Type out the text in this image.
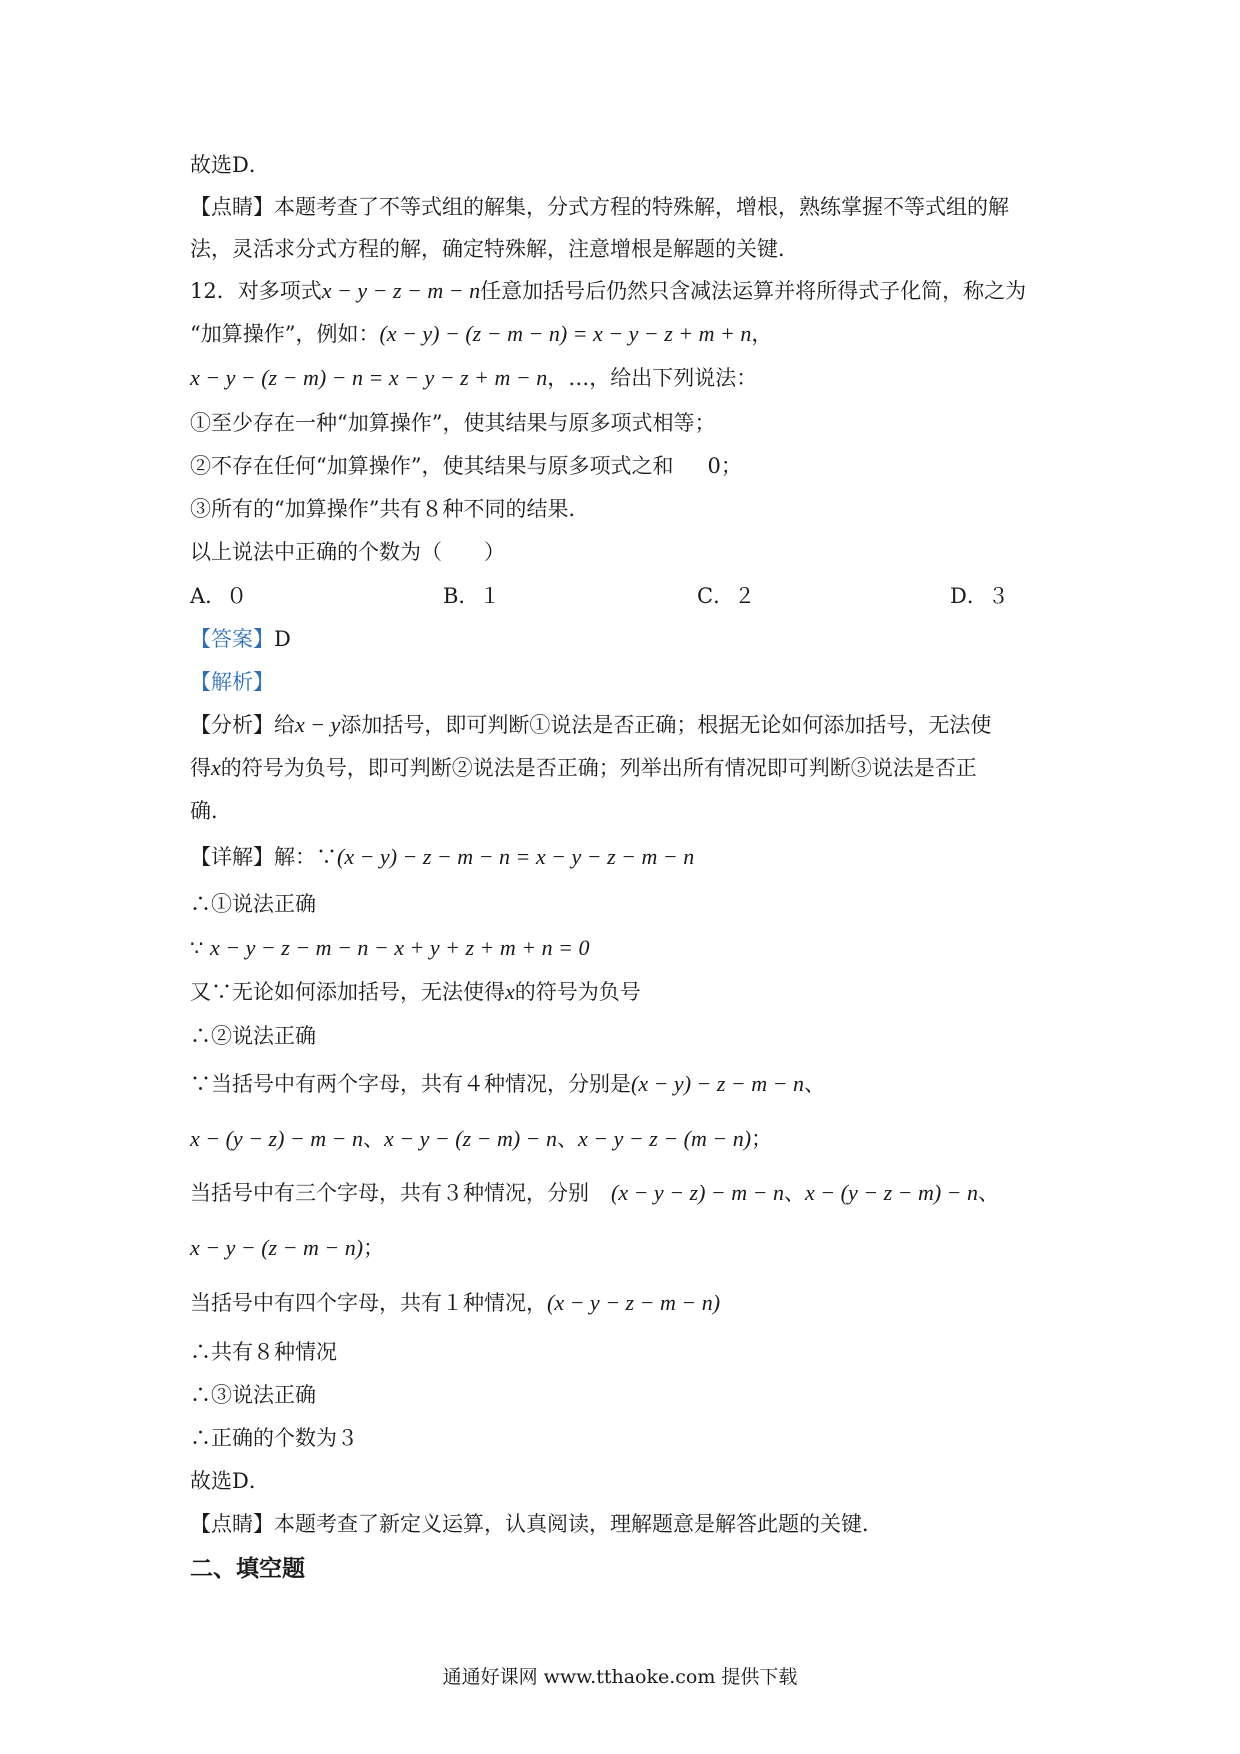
故选D．
【点睛】本题考查了不等式组的解集，分式方程的特殊解，增根，熟练掌握不等式组的解
法，灵活求分式方程的解，确定特殊解，注意增根是解题的关键．
12．对多项式x − y − z − m − n任意加括号后仍然只含减法运算并将所得式子化简，称之为
“加算操作”，例如：(x − y) − (z − m − n) = x − y − z + m + n，
x − y − (z − m) − n = x − y − z + m − n，…，给出下列说法：
①至少存在一种“加算操作”，使其结果与原多项式相等；
②不存在任何“加算操作”，使其结果与原多项式之和 0；
③所有的“加算操作”共有８种不同的结果．
以上说法中正确的个数为（　　）
A．０	B．１	C．２	D．３
【答案】D
【解析】
【分析】给x − y添加括号，即可判断①说法是否正确；根据无论如何添加括号，无法使
得x的符号为负号，即可判断②说法是否正确；列举出所有情况即可判断③说法是否正
确．
【详解】解：∵(x − y) − z − m − n = x − y − z − m − n
∴①说法正确
∵ x − y − z − m − n − x + y + z + m + n = 0
又∵无论如何添加括号，无法使得x的符号为负号
∴②说法正确
∵当括号中有两个字母，共有４种情况，分别是(x − y) − z − m − n、
x − (y − z) − m − n、x − y − (z − m) − n、x − y − z − (m − n)；
当括号中有三个字母，共有３种情况，分别 (x − y − z) − m − n、x − (y − z − m) − n、
x − y − (z − m − n)；
当括号中有四个字母，共有１种情况，(x − y − z − m − n)
∴共有８种情况
∴③说法正确
∴正确的个数为３
故选D．
【点睛】本题考查了新定义运算，认真阅读，理解题意是解答此题的关键．
二、填空题
通通好课网 www.tthaoke.com 提供下载
